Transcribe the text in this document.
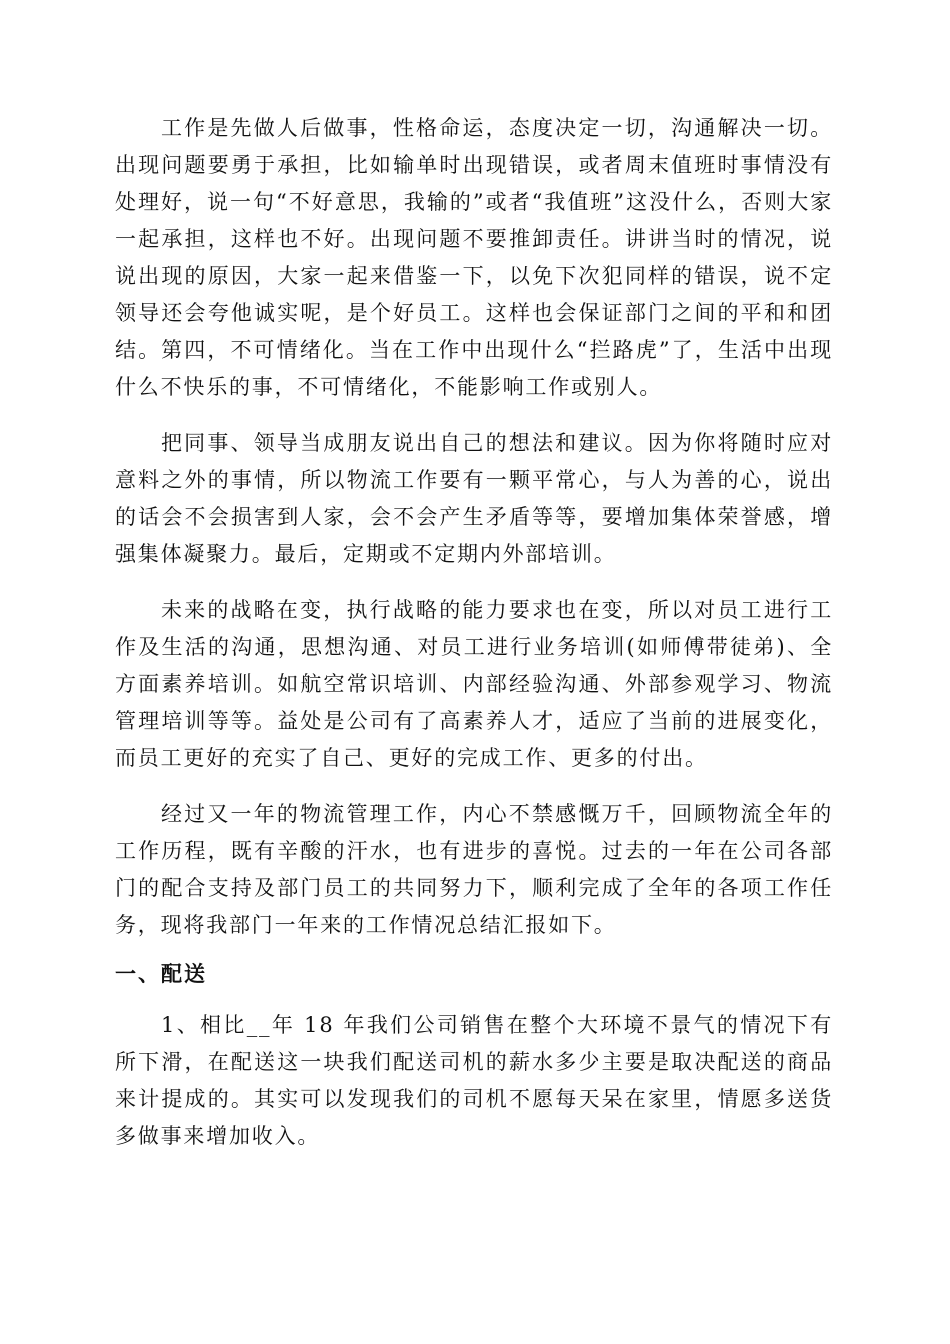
工作是先做人后做事，性格命运，态度决定一切，沟通解决一切。出现问题要勇于承担，比如输单时出现错误，或者周末值班时事情没有处理好，说一句“不好意思，我输的”或者“我值班”这没什么，否则大家一起承担，这样也不好。出现问题不要推卸责任。讲讲当时的情况，说说出现的原因，大家一起来借鉴一下，以免下次犯同样的错误，说不定领导还会夸他诚实呢，是个好员工。这样也会保证部门之间的平和和团结。第四，不可情绪化。当在工作中出现什么“拦路虎”了，生活中出现什么不快乐的事，不可情绪化，不能影响工作或别人。

把同事、领导当成朋友说出自己的想法和建议。因为你将随时应对意料之外的事情，所以物流工作要有一颗平常心，与人为善的心，说出的话会不会损害到人家，会不会产生矛盾等等，要增加集体荣誉感，增强集体凝聚力。最后，定期或不定期内外部培训。

未来的战略在变，执行战略的能力要求也在变，所以对员工进行工作及生活的沟通，思想沟通、对员工进行业务培训(如师傅带徒弟)、全方面素养培训。如航空常识培训、内部经验沟通、外部参观学习、物流管理培训等等。益处是公司有了高素养人才，适应了当前的进展变化，而员工更好的充实了自己、更好的完成工作、更多的付出。

经过又一年的物流管理工作，内心不禁感慨万千，回顾物流全年的工作历程，既有辛酸的汗水，也有进步的喜悦。过去的一年在公司各部门的配合支持及部门员工的共同努力下，顺利完成了全年的各项工作任务，现将我部门一年来的工作情况总结汇报如下。

一、配送

1、相比__年 18 年我们公司销售在整个大环境不景气的情况下有所下滑，在配送这一块我们配送司机的薪水多少主要是取决配送的商品来计提成的。其实可以发现我们的司机不愿每天呆在家里，情愿多送货多做事来增加收入。
